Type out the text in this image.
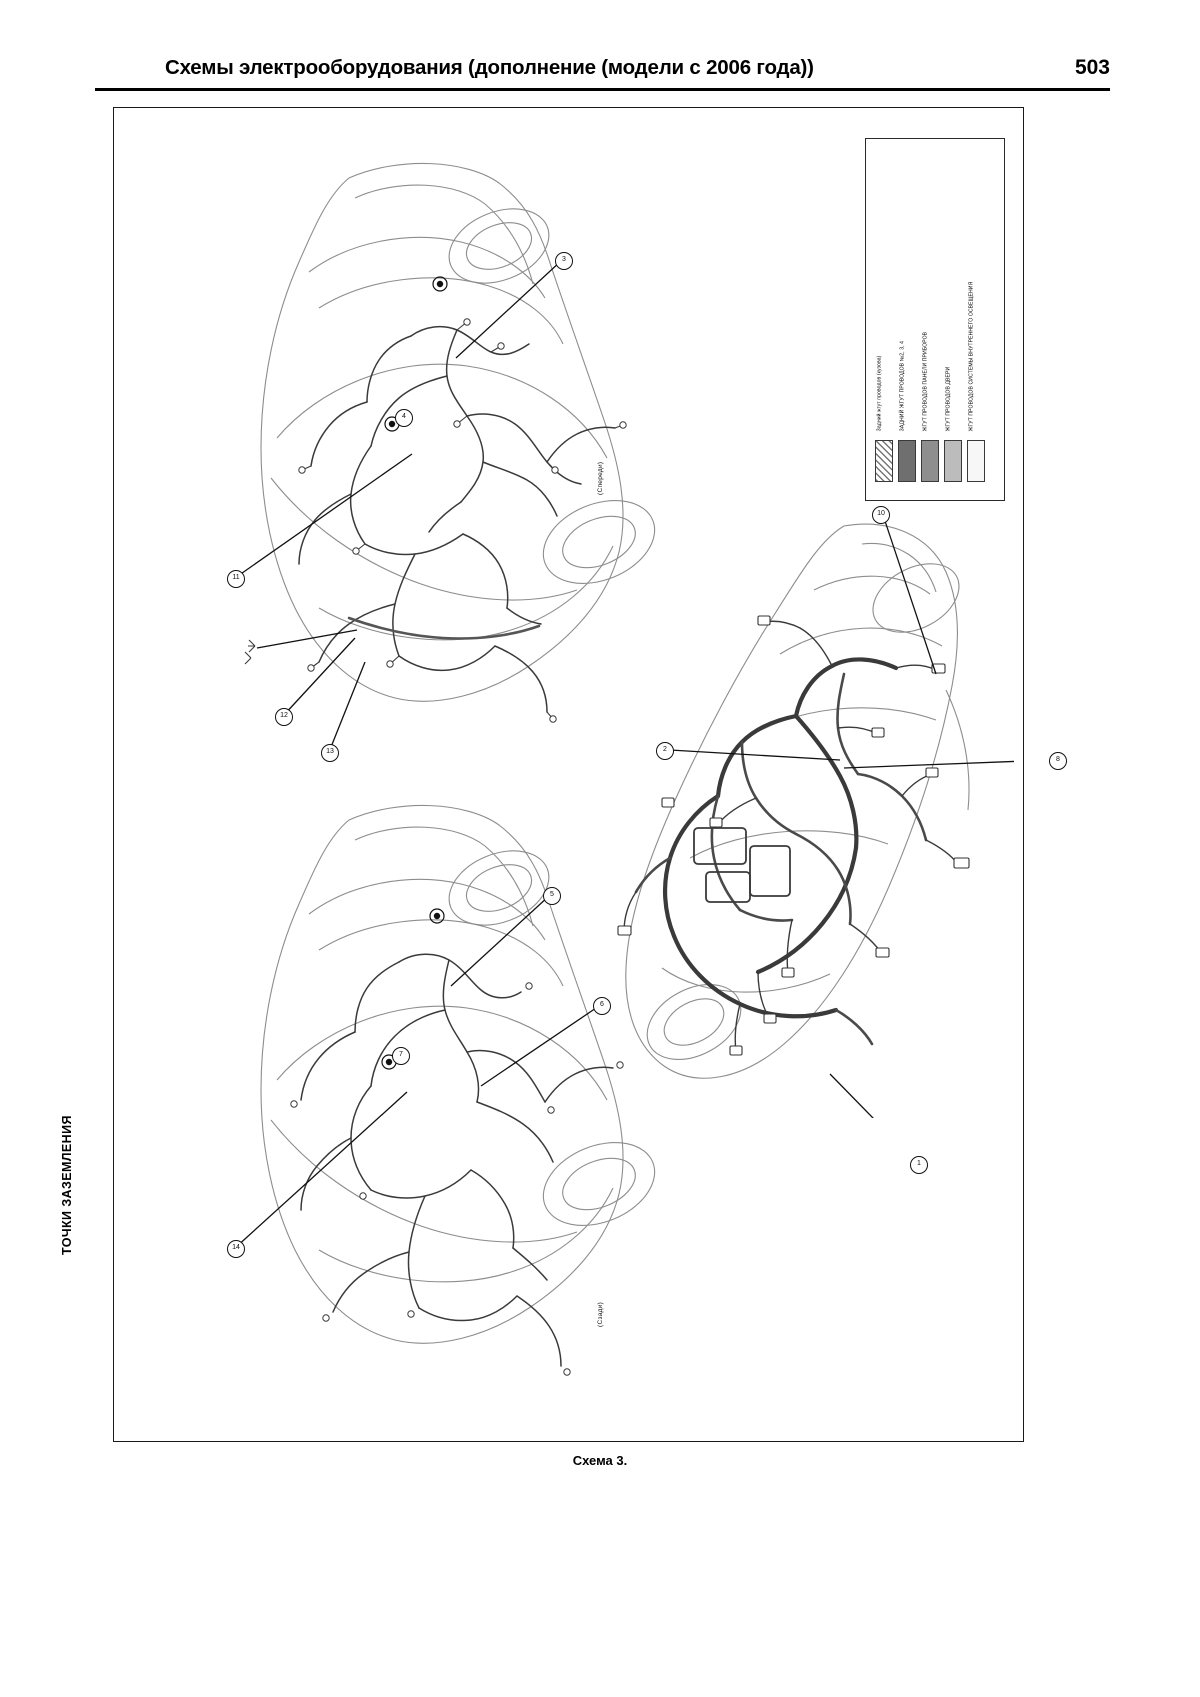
Схемы электрооборудования (дополнение (модели с 2006 года))	503
ТОЧКИ ЗАЗЕМЛЕНИЯ
Задний жгут проводов (кузова)	ЗАДНИЙ ЖГУТ ПРОВОДОВ №2, 3, 4	ЖГУТ ПРОВОДОВ ПАНЕЛИ ПРИБОРОВ	ЖГУТ ПРОВОДОВ ДВЕРИ	ЖГУТ ПРОВОДОВ СИСТЕМЫ ВНУТРЕННЕГО ОСВЕЩЕНИЯ
(Спереди)
3
4
11
12
13
(Сзади)
5
6
7
14
10
2
8
1
Схема 3.
